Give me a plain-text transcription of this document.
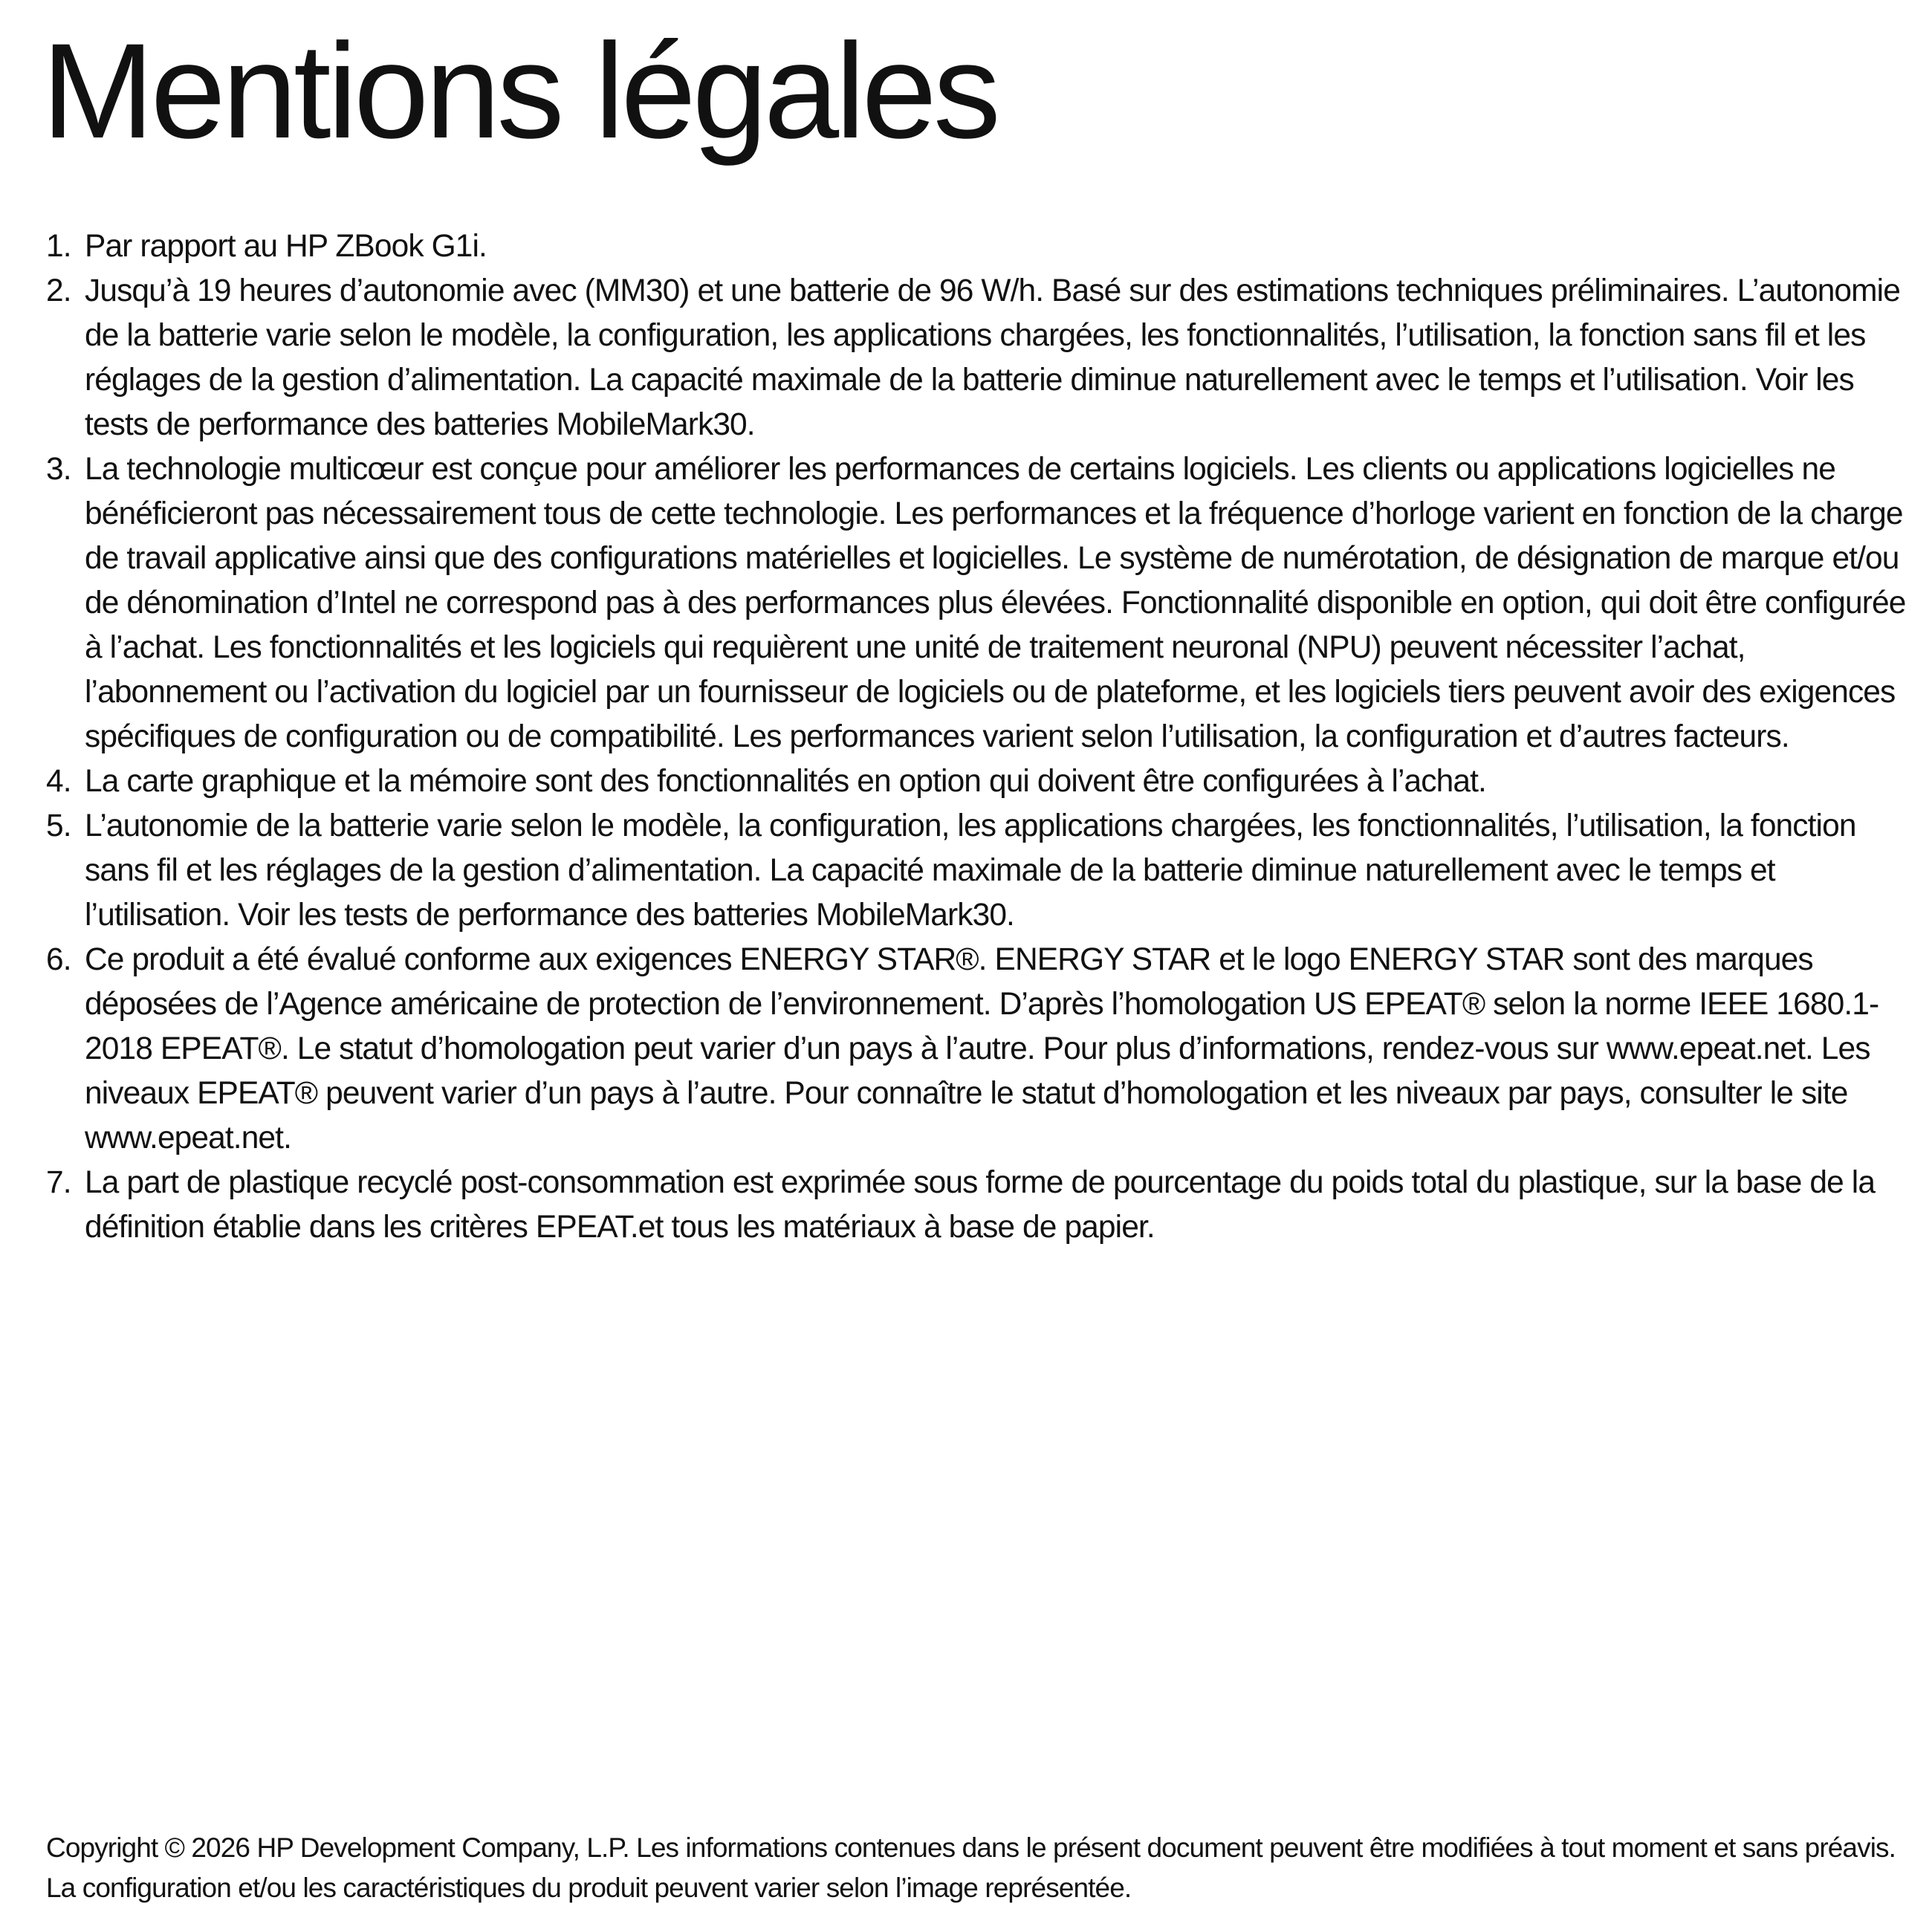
Mentions légales
1. Par rapport au HP ZBook G1i.
2. Jusqu’à 19 heures d’autonomie avec (MM30) et une batterie de 96 W/h. Basé sur des estimations techniques préliminaires. L’autonomie de la batterie varie selon le modèle, la configuration, les applications chargées, les fonctionnalités, l’utilisation, la fonction sans fil et les réglages de la gestion d’alimentation. La capacité maximale de la batterie diminue naturellement avec le temps et l’utilisation. Voir les tests de performance des batteries MobileMark30.
3. La technologie multicœur est conçue pour améliorer les performances de certains logiciels. Les clients ou applications logicielles ne bénéficieront pas nécessairement tous de cette technologie. Les performances et la fréquence d’horloge varient en fonction de la charge de travail applicative ainsi que des configurations matérielles et logicielles. Le système de numérotation, de désignation de marque et/ou de dénomination d’Intel ne correspond pas à des performances plus élevées. Fonctionnalité disponible en option, qui doit être configurée à l’achat. Les fonctionnalités et les logiciels qui requièrent une unité de traitement neuronal (NPU) peuvent nécessiter l’achat, l’abonnement ou l’activation du logiciel par un fournisseur de logiciels ou de plateforme, et les logiciels tiers peuvent avoir des exigences spécifiques de configuration ou de compatibilité. Les performances varient selon l’utilisation, la configuration et d’autres facteurs.
4. La carte graphique et la mémoire sont des fonctionnalités en option qui doivent être configurées à l’achat.
5. L’autonomie de la batterie varie selon le modèle, la configuration, les applications chargées, les fonctionnalités, l’utilisation, la fonction sans fil et les réglages de la gestion d’alimentation. La capacité maximale de la batterie diminue naturellement avec le temps et l’utilisation. Voir les tests de performance des batteries MobileMark30.
6. Ce produit a été évalué conforme aux exigences ENERGY STAR®. ENERGY STAR et le logo ENERGY STAR sont des marques déposées de l’Agence américaine de protection de l’environnement. D’après l’homologation US EPEAT® selon la norme IEEE 1680.1-2018 EPEAT®. Le statut d’homologation peut varier d’un pays à l’autre. Pour plus d’informations, rendez-vous sur www.epeat.net. Les niveaux EPEAT® peuvent varier d’un pays à l’autre. Pour connaître le statut d’homologation et les niveaux par pays, consulter le site www.epeat.net.
7. La part de plastique recyclé post-consommation est exprimée sous forme de pourcentage du poids total du plastique, sur la base de la définition établie dans les critères EPEAT.et tous les matériaux à base de papier.

Copyright © 2026 HP Development Company, L.P. Les informations contenues dans le présent document peuvent être modifiées à tout moment et sans préavis. La configuration et/ou les caractéristiques du produit peuvent varier selon l’image représentée.
